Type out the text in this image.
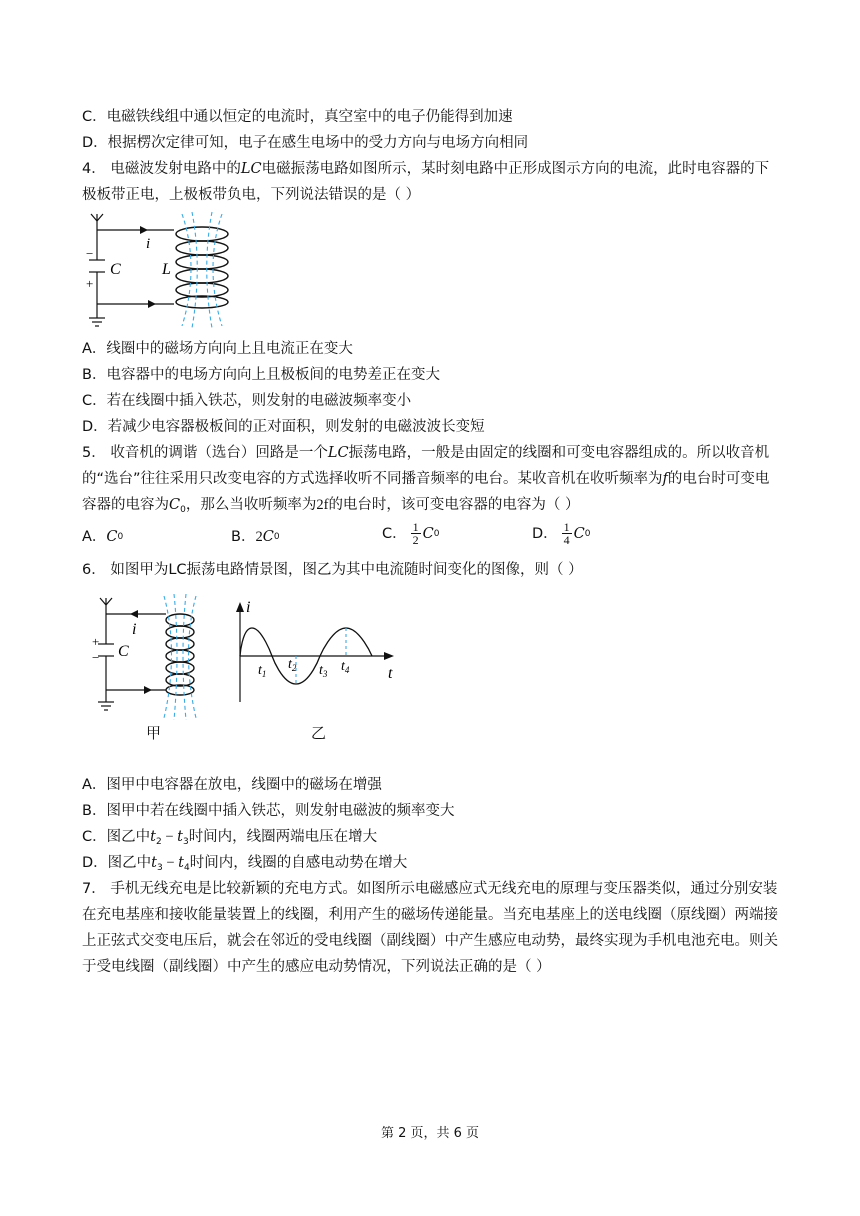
C．电磁铁线组中通以恒定的电流时，真空室中的电子仍能得到加速
D．根据楞次定律可知，电子在感生电场中的受力方向与电场方向相同
4． 电磁波发射电路中的LC电磁振荡电路如图所示，某时刻电路中正形成图示方向的电流，此时电容器的下
极板带正电，上极板带负电，下列说法错误的是（ ）
i
C	L
−
+
A．线圈中的磁场方向向上且电流正在变大
B．电容器中的电场方向向上且极板间的电势差正在变大
C．若在线圈中插入铁芯，则发射的电磁波频率变小
D．若减少电容器极板间的正对面积，则发射的电磁波波长变短
5． 收音机的调谐（选台）回路是一个LC振荡电路，一般是由固定的线圈和可变电容器组成的。所以收音机
的“选台”往往采用只改变电容的方式选择收听不同播音频率的电台。某收音机在收听频率为f的电台时可变电
容器的电容为$C_0$，那么当收听频率为2f的电台时，该可变电容器的电容为（ ）
A． C 0	B． 2 C 0	C． $\frac{1}{2}$ C 0	D． $\frac{1}{4}$ C 0
6． 如图甲为LC振荡电路情景图，图乙为其中电流随时间变化的图像，则（ ）
i
C
+
−
i
t
$t_1$
$t_2$ $t_3$ $t_4$
甲	乙
A．图甲中电容器在放电，线圈中的磁场在增强
B．图甲中若在线圈中插入铁芯，则发射电磁波的频率变大
C．图乙中$t_2 - t_3$时间内，线圈两端电压在增大
D．图乙中$t_3 - t_4$时间内，线圈的自感电动势在增大
7． 手机无线充电是比较新颖的充电方式。如图所示电磁感应式无线充电的原理与变压器类似，通过分别安装
在充电基座和接收能量装置上的线圈，利用产生的磁场传递能量。当充电基座上的送电线圈（原线圈）两端接
上正弦式交变电压后，就会在邻近的受电线圈（副线圈）中产生感应电动势，最终实现为手机电池充电。则关
于受电线圈（副线圈）中产生的感应电动势情况，下列说法正确的是（ ）
第 2 页，共 6 页
